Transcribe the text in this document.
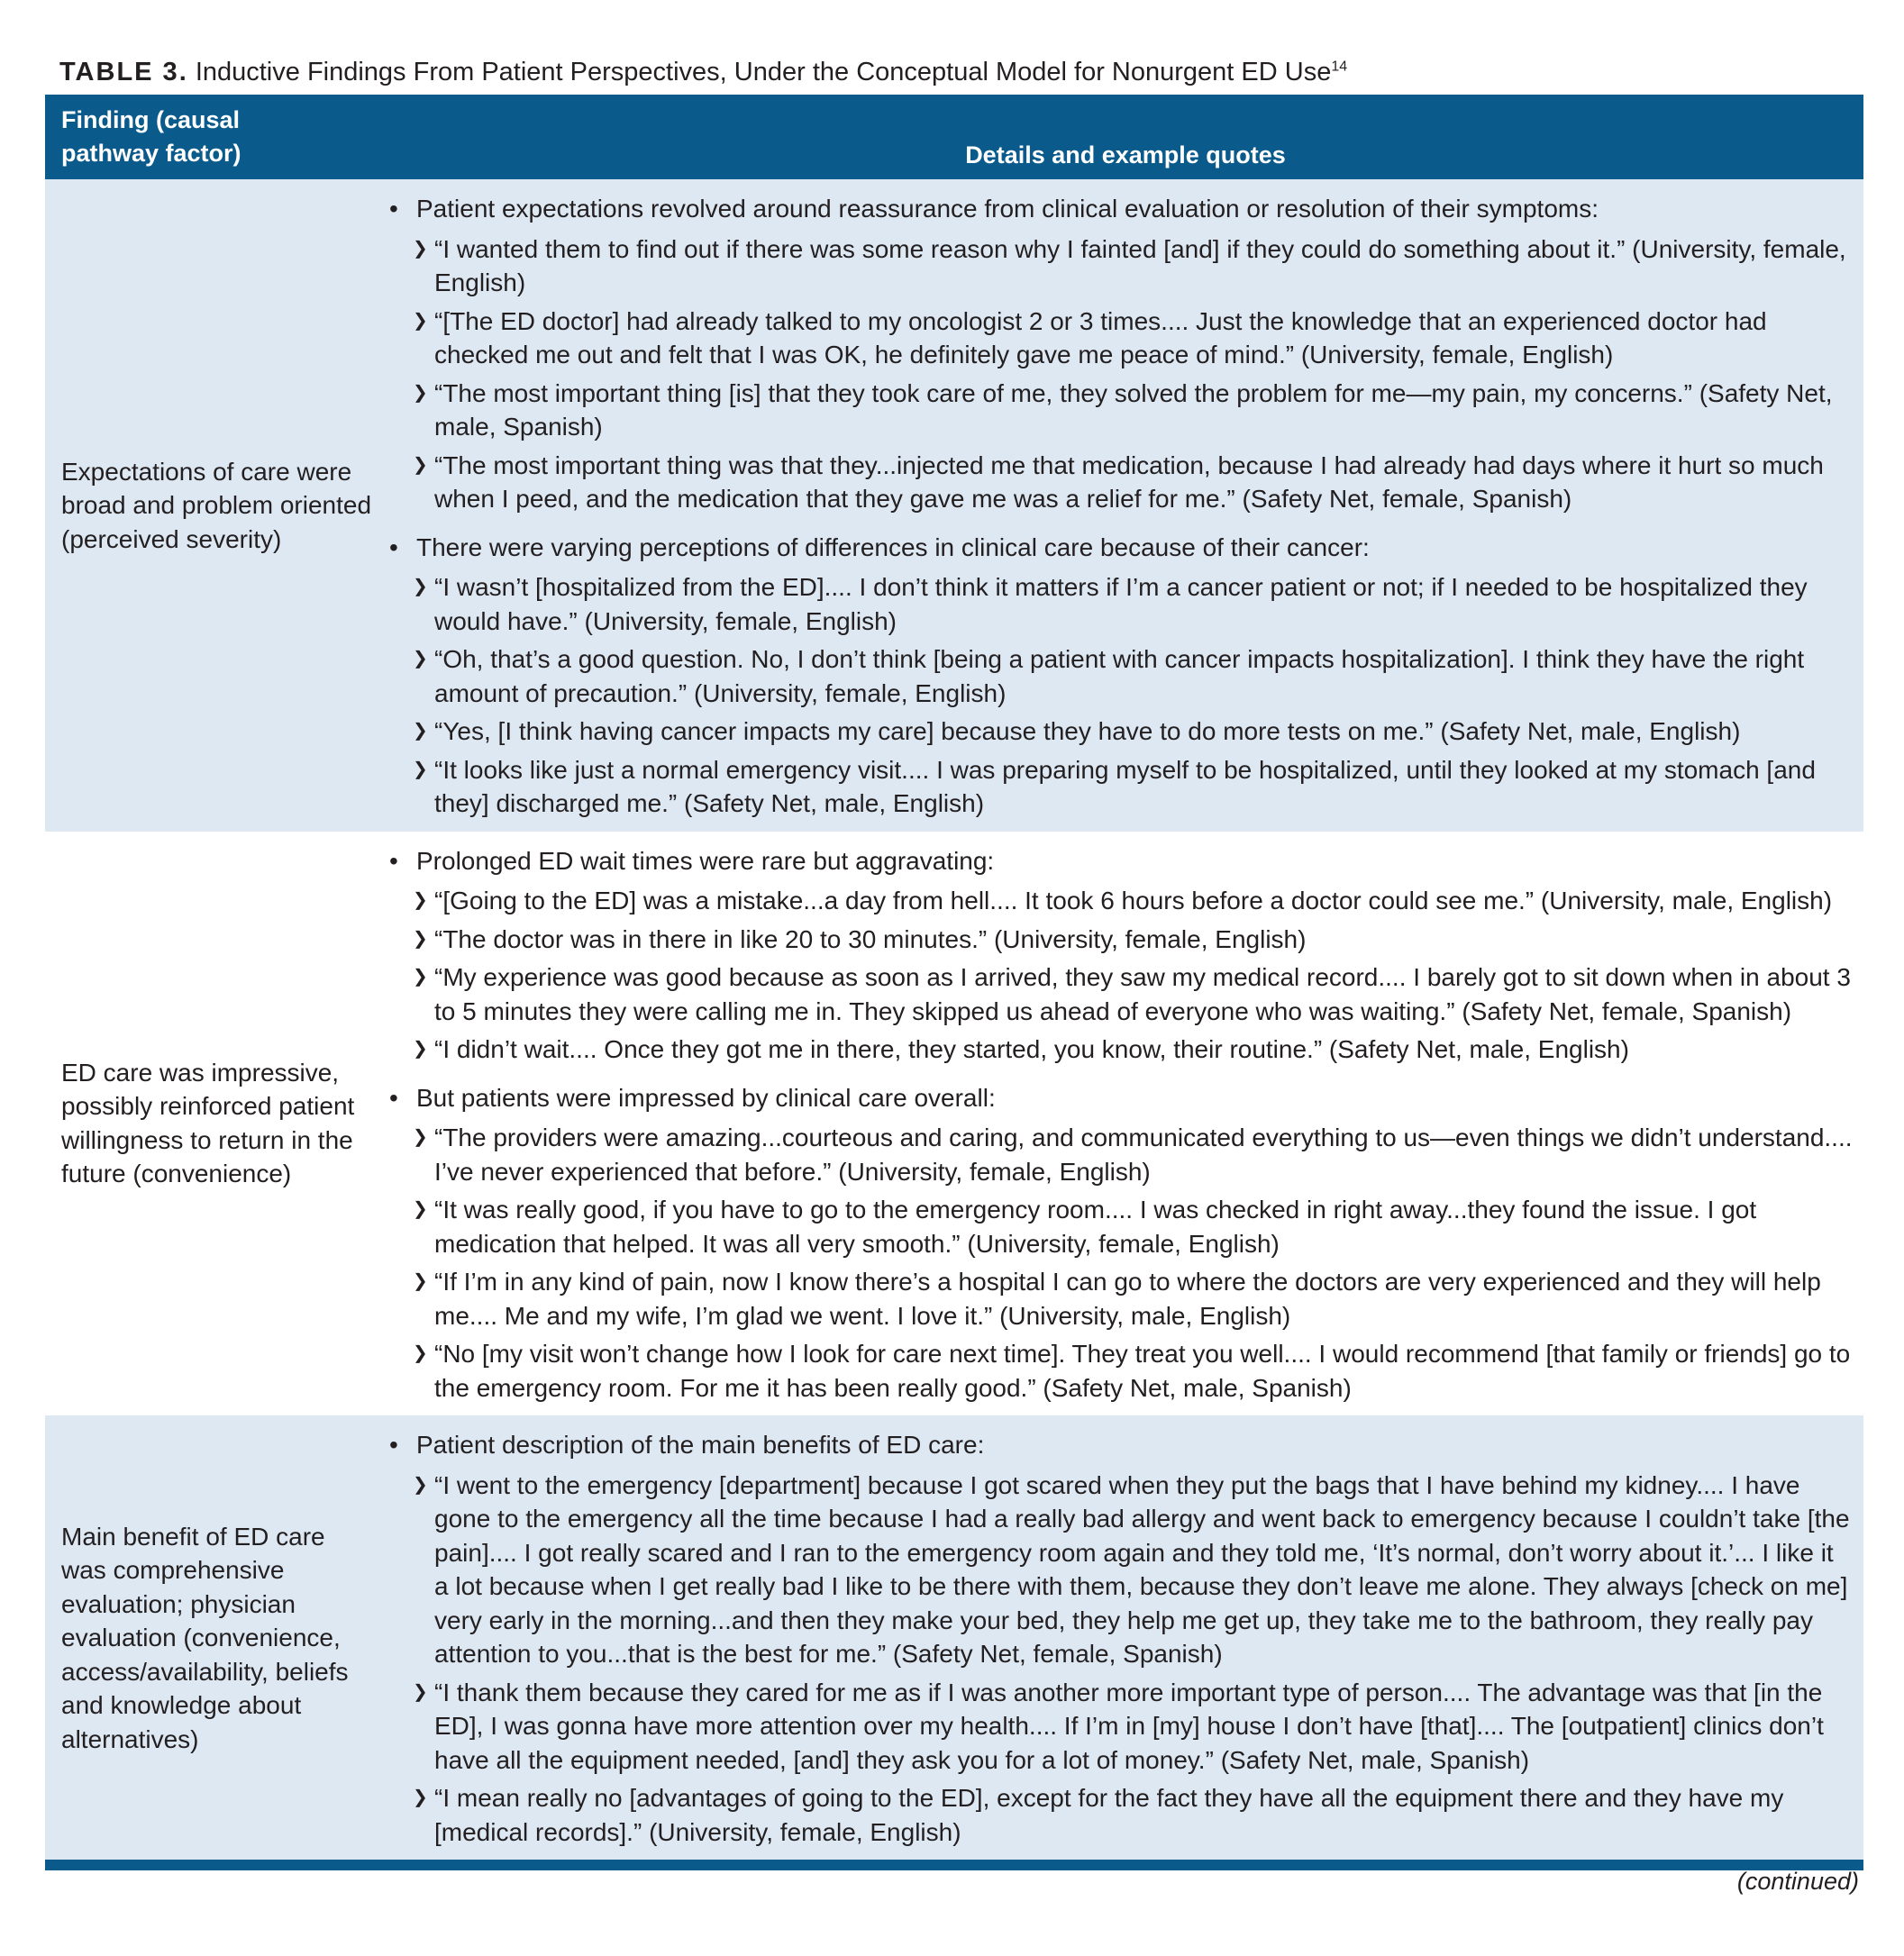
TABLE 3. Inductive Findings From Patient Perspectives, Under the Conceptual Model for Nonurgent ED Use$^{14}$
Finding (causal
pathway factor)	Details and example quotes
Expectations of care were broad and problem oriented (perceived severity)
• Patient expectations revolved around reassurance from clinical evaluation or resolution of their symptoms:
❯ “I wanted them to find out if there was some reason why I fainted [and] if they could do something about it.” (University, female, English)
❯ “[The ED doctor] had already talked to my oncologist 2 or 3 times.... Just the knowledge that an experienced doctor had checked me out and felt that I was OK, he definitely gave me peace of mind.” (University, female, English)
❯ “The most important thing [is] that they took care of me, they solved the problem for me—my pain, my concerns.” (Safety Net, male, Spanish)
❯ “The most important thing was that they...injected me that medication, because I had already had days where it hurt so much when I peed, and the medication that they gave me was a relief for me.” (Safety Net, female, Spanish)
• There were varying perceptions of differences in clinical care because of their cancer:
❯ “I wasn’t [hospitalized from the ED].... I don’t think it matters if I’m a cancer patient or not; if I needed to be hospitalized they would have.” (University, female, English)
❯ “Oh, that’s a good question. No, I don’t think [being a patient with cancer impacts hospitalization]. I think they have the right amount of precaution.” (University, female, English)
❯ “Yes, [I think having cancer impacts my care] because they have to do more tests on me.” (Safety Net, male, English)
❯ “It looks like just a normal emergency visit.... I was preparing myself to be hospitalized, until they looked at my stomach [and they] discharged me.” (Safety Net, male, English)
ED care was impressive, possibly reinforced patient willingness to return in the future (convenience)
• Prolonged ED wait times were rare but aggravating:
❯ “[Going to the ED] was a mistake...a day from hell.... It took 6 hours before a doctor could see me.” (University, male, English)
❯ “The doctor was in there in like 20 to 30 minutes.” (University, female, English)
❯ “My experience was good because as soon as I arrived, they saw my medical record.... I barely got to sit down when in about 3 to 5 minutes they were calling me in. They skipped us ahead of everyone who was waiting.” (Safety Net, female, Spanish)
❯ “I didn’t wait.... Once they got me in there, they started, you know, their routine.” (Safety Net, male, English)
• But patients were impressed by clinical care overall:
❯ “The providers were amazing...courteous and caring, and communicated everything to us—even things we didn’t understand.... I’ve never experienced that before.” (University, female, English)
❯ “It was really good, if you have to go to the emergency room.... I was checked in right away...they found the issue. I got medication that helped. It was all very smooth.” (University, female, English)
❯ “If I’m in any kind of pain, now I know there’s a hospital I can go to where the doctors are very experienced and they will help me.... Me and my wife, I’m glad we went. I love it.” (University, male, English)
❯ “No [my visit won’t change how I look for care next time]. They treat you well.... I would recommend [that family or friends] go to the emergency room. For me it has been really good.” (Safety Net, male, Spanish)
Main benefit of ED care was comprehensive evaluation; physician evaluation (convenience, access/availability, beliefs and knowledge about alternatives)
• Patient description of the main benefits of ED care:
❯ “I went to the emergency [department] because I got scared when they put the bags that I have behind my kidney.... I have gone to the emergency all the time because I had a really bad allergy and went back to emergency because I couldn’t take [the pain].... I got really scared and I ran to the emergency room again and they told me, ‘It’s normal, don’t worry about it.’... I like it a lot because when I get really bad I like to be there with them, because they don’t leave me alone. They always [check on me] very early in the morning...and then they make your bed, they help me get up, they take me to the bathroom, they really pay attention to you...that is the best for me.” (Safety Net, female, Spanish)
❯ “I thank them because they cared for me as if I was another more important type of person.... The advantage was that [in the ED], I was gonna have more attention over my health.... If I’m in [my] house I don’t have [that].... The [outpatient] clinics don’t have all the equipment needed, [and] they ask you for a lot of money.” (Safety Net, male, Spanish)
❯ “I mean really no [advantages of going to the ED], except for the fact they have all the equipment there and they have my [medical records].” (University, female, English)
(continued)
